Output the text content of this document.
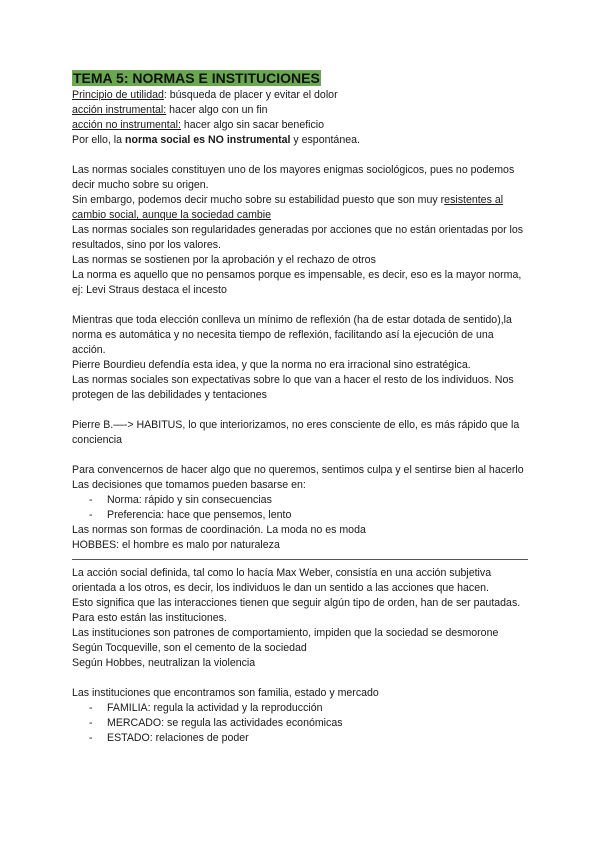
TEMA 5: NORMAS E INSTITUCIONES

Principio de utilidad: búsqueda de placer y evitar el dolor

acción instrumental: hacer algo con un fin

acción no instrumental: hacer algo sin sacar beneficio

Por ello, la norma social es NO instrumental y espontánea.

Las normas sociales constituyen uno de los mayores enigmas sociológicos, pues no podemos decir mucho sobre su origen.

Sin embargo, podemos decir mucho sobre su estabilidad puesto que son muy resistentes al cambio social, aunque la sociedad cambie

Las normas sociales son regularidades generadas por acciones que no están orientadas por los resultados, sino por los valores.

Las normas se sostienen por la aprobación y el rechazo de otros

La norma es aquello que no pensamos porque es impensable, es decir, eso es la mayor norma, ej: Levi Straus destaca el incesto

Mientras que toda elección conlleva un mínimo de reflexión (ha de estar dotada de sentido),la norma es automática y no necesita tiempo de reflexión, facilitando así la ejecución de una acción.

Pierre Bourdieu defendía esta idea, y que la norma no era irracional sino estratégica.

Las normas sociales son expectativas sobre lo que van a hacer el resto de los individuos. Nos protegen de las debilidades y tentaciones

Pierre B.—-> HABITUS, lo que interiorizamos, no eres consciente de ello, es más rápido que la conciencia

Para convencernos de hacer algo que no queremos, sentimos culpa y el sentirse bien al hacerlo

Las decisiones que tomamos pueden basarse en:

- Norma: rápido y sin consecuencias
- Preferencia: hace que pensemos, lento

Las normas son formas de coordinación. La moda no es moda

HOBBES: el hombre es malo por naturaleza

La acción social definida, tal como lo hacía Max Weber, consistía en una acción subjetiva orientada a los otros, es decir, los individuos le dan un sentido a las acciones que hacen.

Esto significa que las interacciones tienen que seguir algún tipo de orden, han de ser pautadas.

Para esto están las instituciones.

Las instituciones son patrones de comportamiento, impiden que la sociedad se desmorone

Según Tocqueville, son el cemento de la sociedad

Según Hobbes, neutralizan la violencia

Las instituciones que encontramos son familia, estado y mercado

- FAMILIA: regula la actividad y la reproducción
- MERCADO: se regula las actividades económicas
- ESTADO: relaciones de poder
